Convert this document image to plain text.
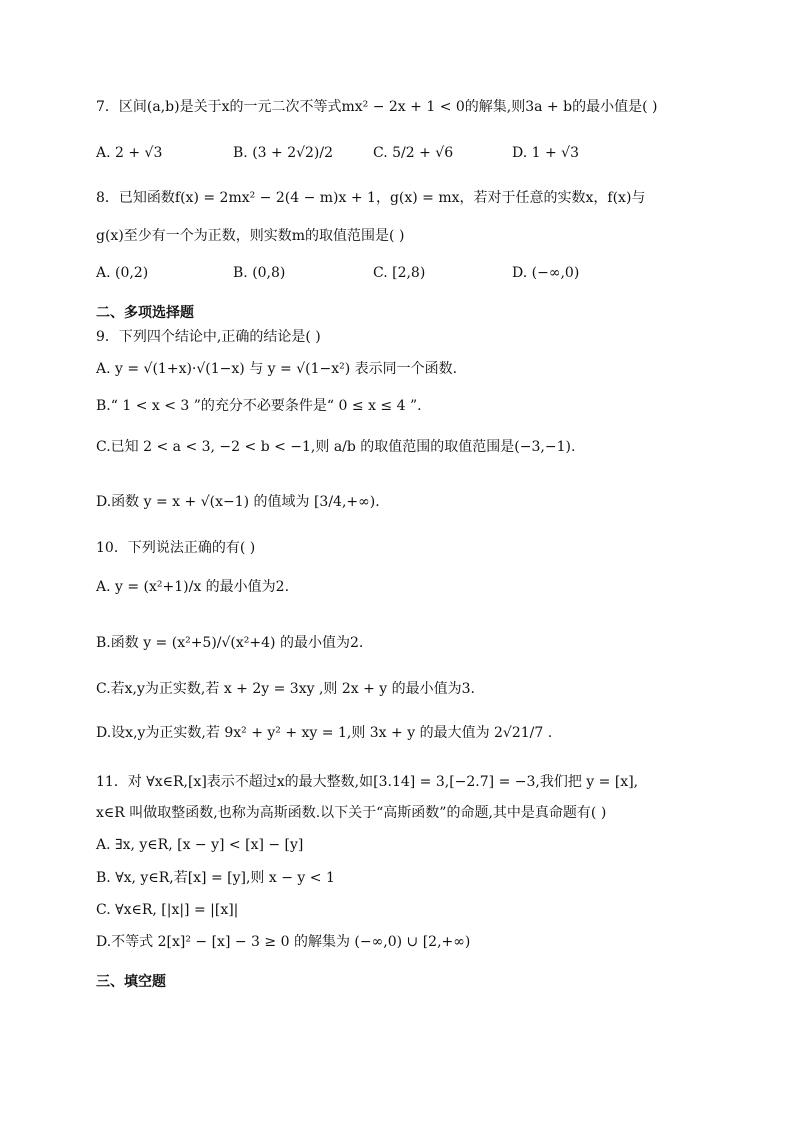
7．区间(a,b)是关于x的一元二次不等式mx² − 2x + 1 < 0的解集,则3a + b的最小值是( )
A. 2 + √3	B. (3 + 2√2)/2	C. 5/2 + √6	D. 1 + √3
8．已知函数f(x) = 2mx² − 2(4 − m)x + 1，g(x) = mx，若对于任意的实数x，f(x)与
g(x)至少有一个为正数，则实数m的取值范围是( )
A. (0,2)	B. (0,8)	C. [2,8)	D. (−∞,0)
二、多项选择题
9．下列四个结论中,正确的结论是( )
A. y = √(1+x)·√(1−x) 与 y = √(1−x²) 表示同一个函数.
B.“ 1 < x < 3 ”的充分不必要条件是“ 0 ≤ x ≤ 4 ”.
C.已知 2 < a < 3, −2 < b < −1,则 a/b 的取值范围的取值范围是(−3,−1).
D.函数 y = x + √(x−1) 的值域为 [3/4,+∞).
10．下列说法正确的有( )
A. y = (x²+1)/x 的最小值为2.
B.函数 y = (x²+5)/√(x²+4) 的最小值为2.
C.若x,y为正实数,若 x + 2y = 3xy ,则 2x + y 的最小值为3.
D.设x,y为正实数,若 9x² + y² + xy = 1,则 3x + y 的最大值为 2√21/7 .
11．对 ∀x∈R,[x]表示不超过x的最大整数,如[3.14] = 3,[−2.7] = −3,我们把 y = [x],
x∈R 叫做取整函数,也称为高斯函数.以下关于“高斯函数”的命题,其中是真命题有( )
A. ∃x, y∈R, [x − y] < [x] − [y]
B. ∀x, y∈R,若[x] = [y],则 x − y < 1
C. ∀x∈R, [|x|] = |[x]|
D.不等式 2[x]² − [x] − 3 ≥ 0 的解集为 (−∞,0) ∪ [2,+∞)
三、填空题
